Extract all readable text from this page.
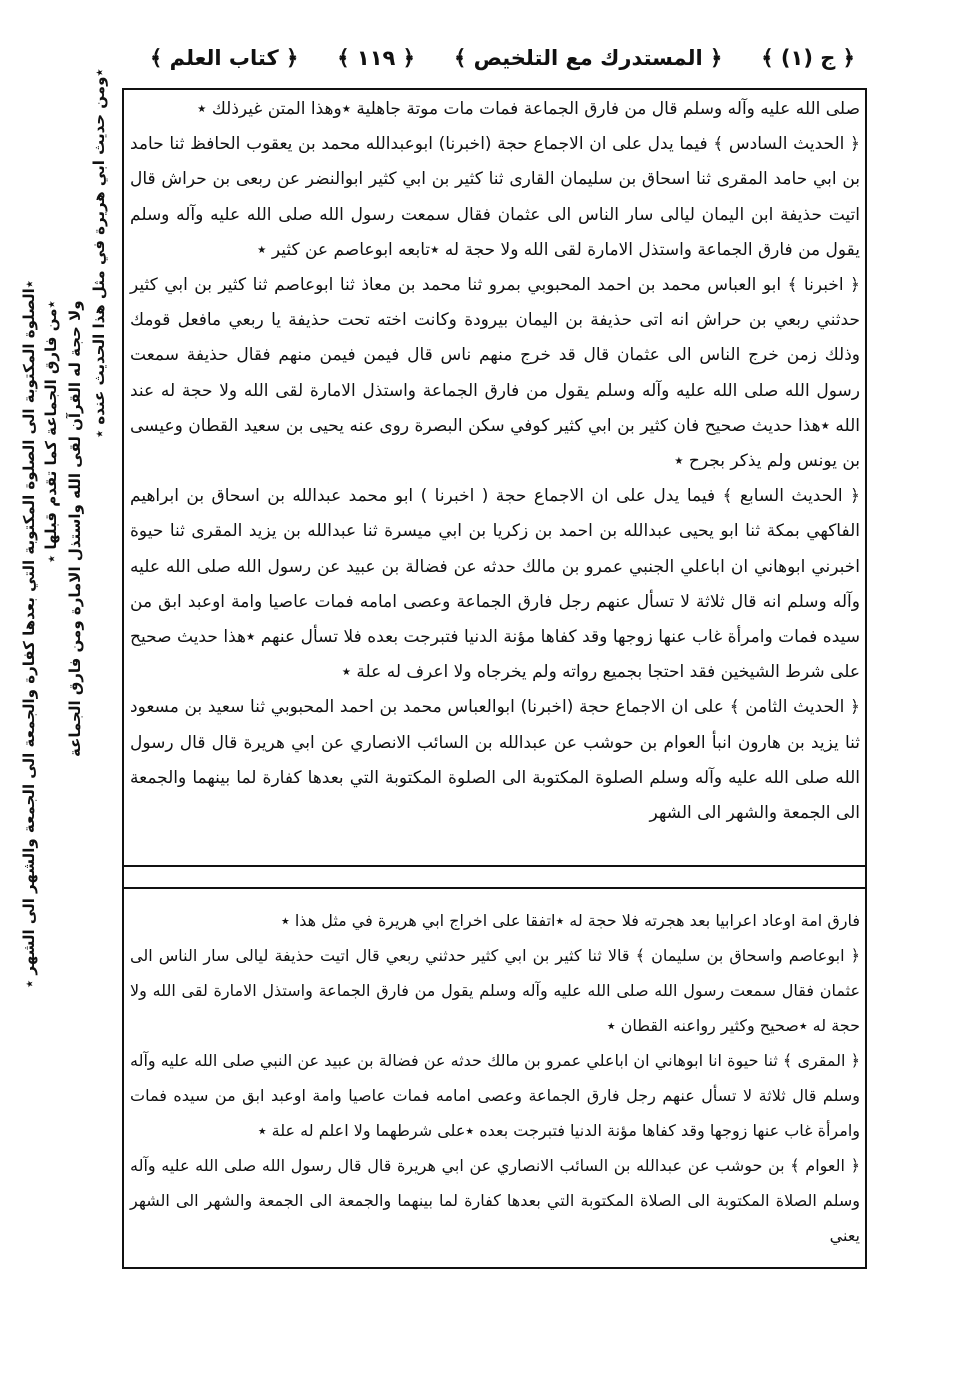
﴿ ج (١) ﴾
﴿ المستدرك مع التلخيص ﴾
﴿ ١١٩ ﴾
﴿ كتاب العلم ﴾

صلى الله عليه وآله وسلم قال من فارق الجماعة فمات مات موتة جاهلية ٭وهذا المتن غيرذلك ٭

﴿ الحديث السادس ﴾ فيما يدل على ان الاجماع حجة (اخبرنا) ابوعبدالله محمد بن يعقوب الحافظ ثنا حامد بن ابي حامد المقرى ثنا اسحاق بن سليمان القارى ثنا كثير بن ابي كثير ابوالنضر عن ربعى بن حراش قال اتيت حذيفة ابن اليمان ليالى سار الناس الى عثمان فقال سمعت رسول الله صلى الله عليه وآله وسلم يقول من فارق الجماعة واستذل الامارة لقى الله ولا حجة له ٭تابعه ابوعاصم عن كثير ٭

﴿ اخبرنا ﴾ ابو العباس محمد بن احمد المحبوبي بمرو ثنا محمد بن معاذ ثنا ابوعاصم ثنا كثير بن ابي كثير حدثني ربعي بن حراش انه اتى حذيفة بن اليمان بيرودة وكانت اخته تحت حذيفة يا ربعي مافعل قومك وذلك زمن خرج الناس الى عثمان قال قد خرج منهم ناس قال فيمن فيمن منهم فقال حذيفة سمعت رسول الله صلى الله عليه وآله وسلم يقول من فارق الجماعة واستذل الامارة لقى الله ولا حجة له عند الله ٭هذا حديث صحيح فان كثير بن ابي كثير كوفي سكن البصرة روى عنه يحيى بن سعيد القطان وعيسى بن يونس ولم يذكر بجرح ٭

﴿ الحديث السابع ﴾ فيما يدل على ان الاجماع حجة ( اخبرنا ) ابو محمد عبدالله بن اسحاق بن ابراهيم الفاكهي بمكة ثنا ابو يحيى عبدالله بن احمد بن زكريا بن ابي ميسرة ثنا عبدالله بن يزيد المقرى ثنا حيوة اخبرني ابوهاني ان اباعلي الجنبي عمرو بن مالك حدثه عن فضالة بن عبيد عن رسول الله صلى الله عليه وآله وسلم انه قال ثلاثة لا تسأل عنهم رجل فارق الجماعة وعصى امامه فمات عاصيا وامة اوعبد ابق من سيده فمات وامرأة غاب عنها زوجها وقد كفاها مؤنة الدنيا فتبرجت بعده فلا تسأل عنهم ٭هذا حديث صحيح على شرط الشيخين فقد احتجا بجميع رواته ولم يخرجاه ولا اعرف له علة ٭

﴿ الحديث الثامن ﴾ على ان الاجماع حجة (اخبرنا) ابوالعباس محمد بن احمد المحبوبي ثنا سعيد بن مسعود ثنا يزيد بن هارون انبأ العوام بن حوشب عن عبدالله بن السائب الانصاري عن ابي هريرة قال قال رسول الله صلى الله عليه وآله وسلم الصلوة المكتوبة الى الصلوة المكتوبة التي بعدها كفارة لما بينهما والجمعة الى الجمعة والشهر الى الشهر

فارق امة اوعاد اعرابيا بعد هجرته فلا حجة له ٭اتفقا على اخراج ابي هريرة في مثل هذا ٭

﴿ ابوعاصم واسحاق بن سليمان ﴾ قالا ثنا كثير بن ابي كثير حدثني ربعي قال اتيت حذيفة ليالى سار الناس الى عثمان فقال سمعت رسول الله صلى الله عليه وآله وسلم يقول من فارق الجماعة واستذل الامارة لقى الله ولا حجة له ٭صحيح وكثير رواعنه القطان ٭

﴿ المقرى ﴾ ثنا حيوة انا ابوهاني ان اباعلي عمرو بن مالك حدثه عن فضالة بن عبيد عن النبي صلى الله عليه وآله وسلم قال ثلاثة لا تسأل عنهم رجل فارق الجماعة وعصى امامه فمات عاصيا وامة اوعبد ابق من سيده فمات وامرأة غاب عنها زوجها وقد كفاها مؤنة الدنيا فتبرجت بعده ٭على شرطهما ولا اعلم له علة ٭

﴿ العوام ﴾ بن حوشب عن عبدالله بن السائب الانصاري عن ابي هريرة قال قال رسول الله صلى الله عليه وآله وسلم الصلاة المكتوبة الى الصلاة المكتوبة التي بعدها كفارة لما بينهما والجمعة الى الجمعة والشهر الى الشهر يعني

٭ومن حديث ابي هريرة في مثل هذا الحديث عنده ٭
ولا حجة له القرآن لقى الله واستذل الامارة ومن فارق الجماعة
٭من فارق الجماعة كما تقدم قبلها ٭
٭الصلوة المكتوبة الى الصلوة المكتوبة التي بعدها كفارة والجمعة الى الجمعة والشهر الى الشهر ٭
